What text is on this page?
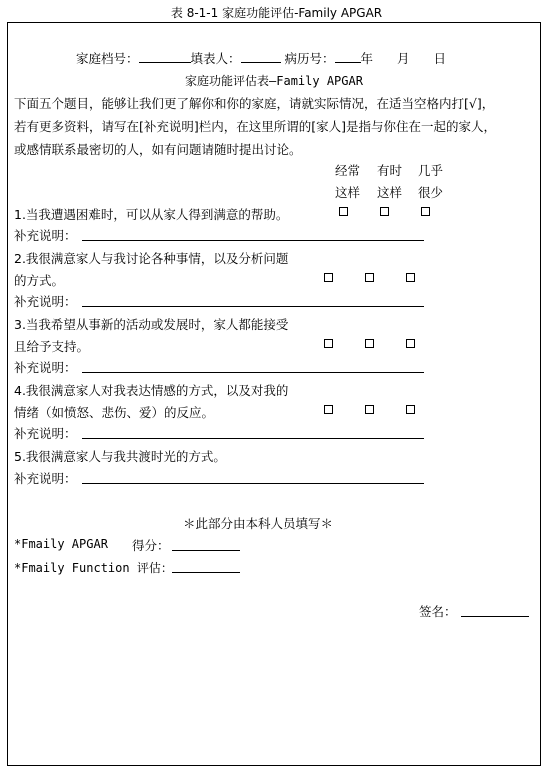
表 8-1-1 家庭功能评估-Family APGAR
家庭档号：	填表人：	病历号： 年 月 日
家庭功能评估表—Family APGAR
下面五个题目，能够让我们更了解你和你的家庭，请就实际情况，在适当空格内打[√]，
若有更多资料，请写在[补充说明]栏内，在这里所谓的[家人]是指与你住在一起的家人，
或感情联系最密切的人，如有问题请随时提出讨论。
经常
这样
有时
这样
几乎
很少
1.当我遭遇困难时，可以从家人得到满意的帮助。
补充说明：
2.我很满意家人与我讨论各种事情，以及分析问题
的方式。
补充说明：
3.当我希望从事新的活动或发展时，家人都能接受
且给予支持。
补充说明：
4.我很满意家人对我表达情感的方式，以及对我的
情绪（如愤怒、悲伤、爱）的反应。
补充说明：
5.我很满意家人与我共渡时光的方式。
补充说明：
＊此部分由本科人员填写＊
*Fmaily APGAR 得分：
*Fmaily Function 评估：
签名：
